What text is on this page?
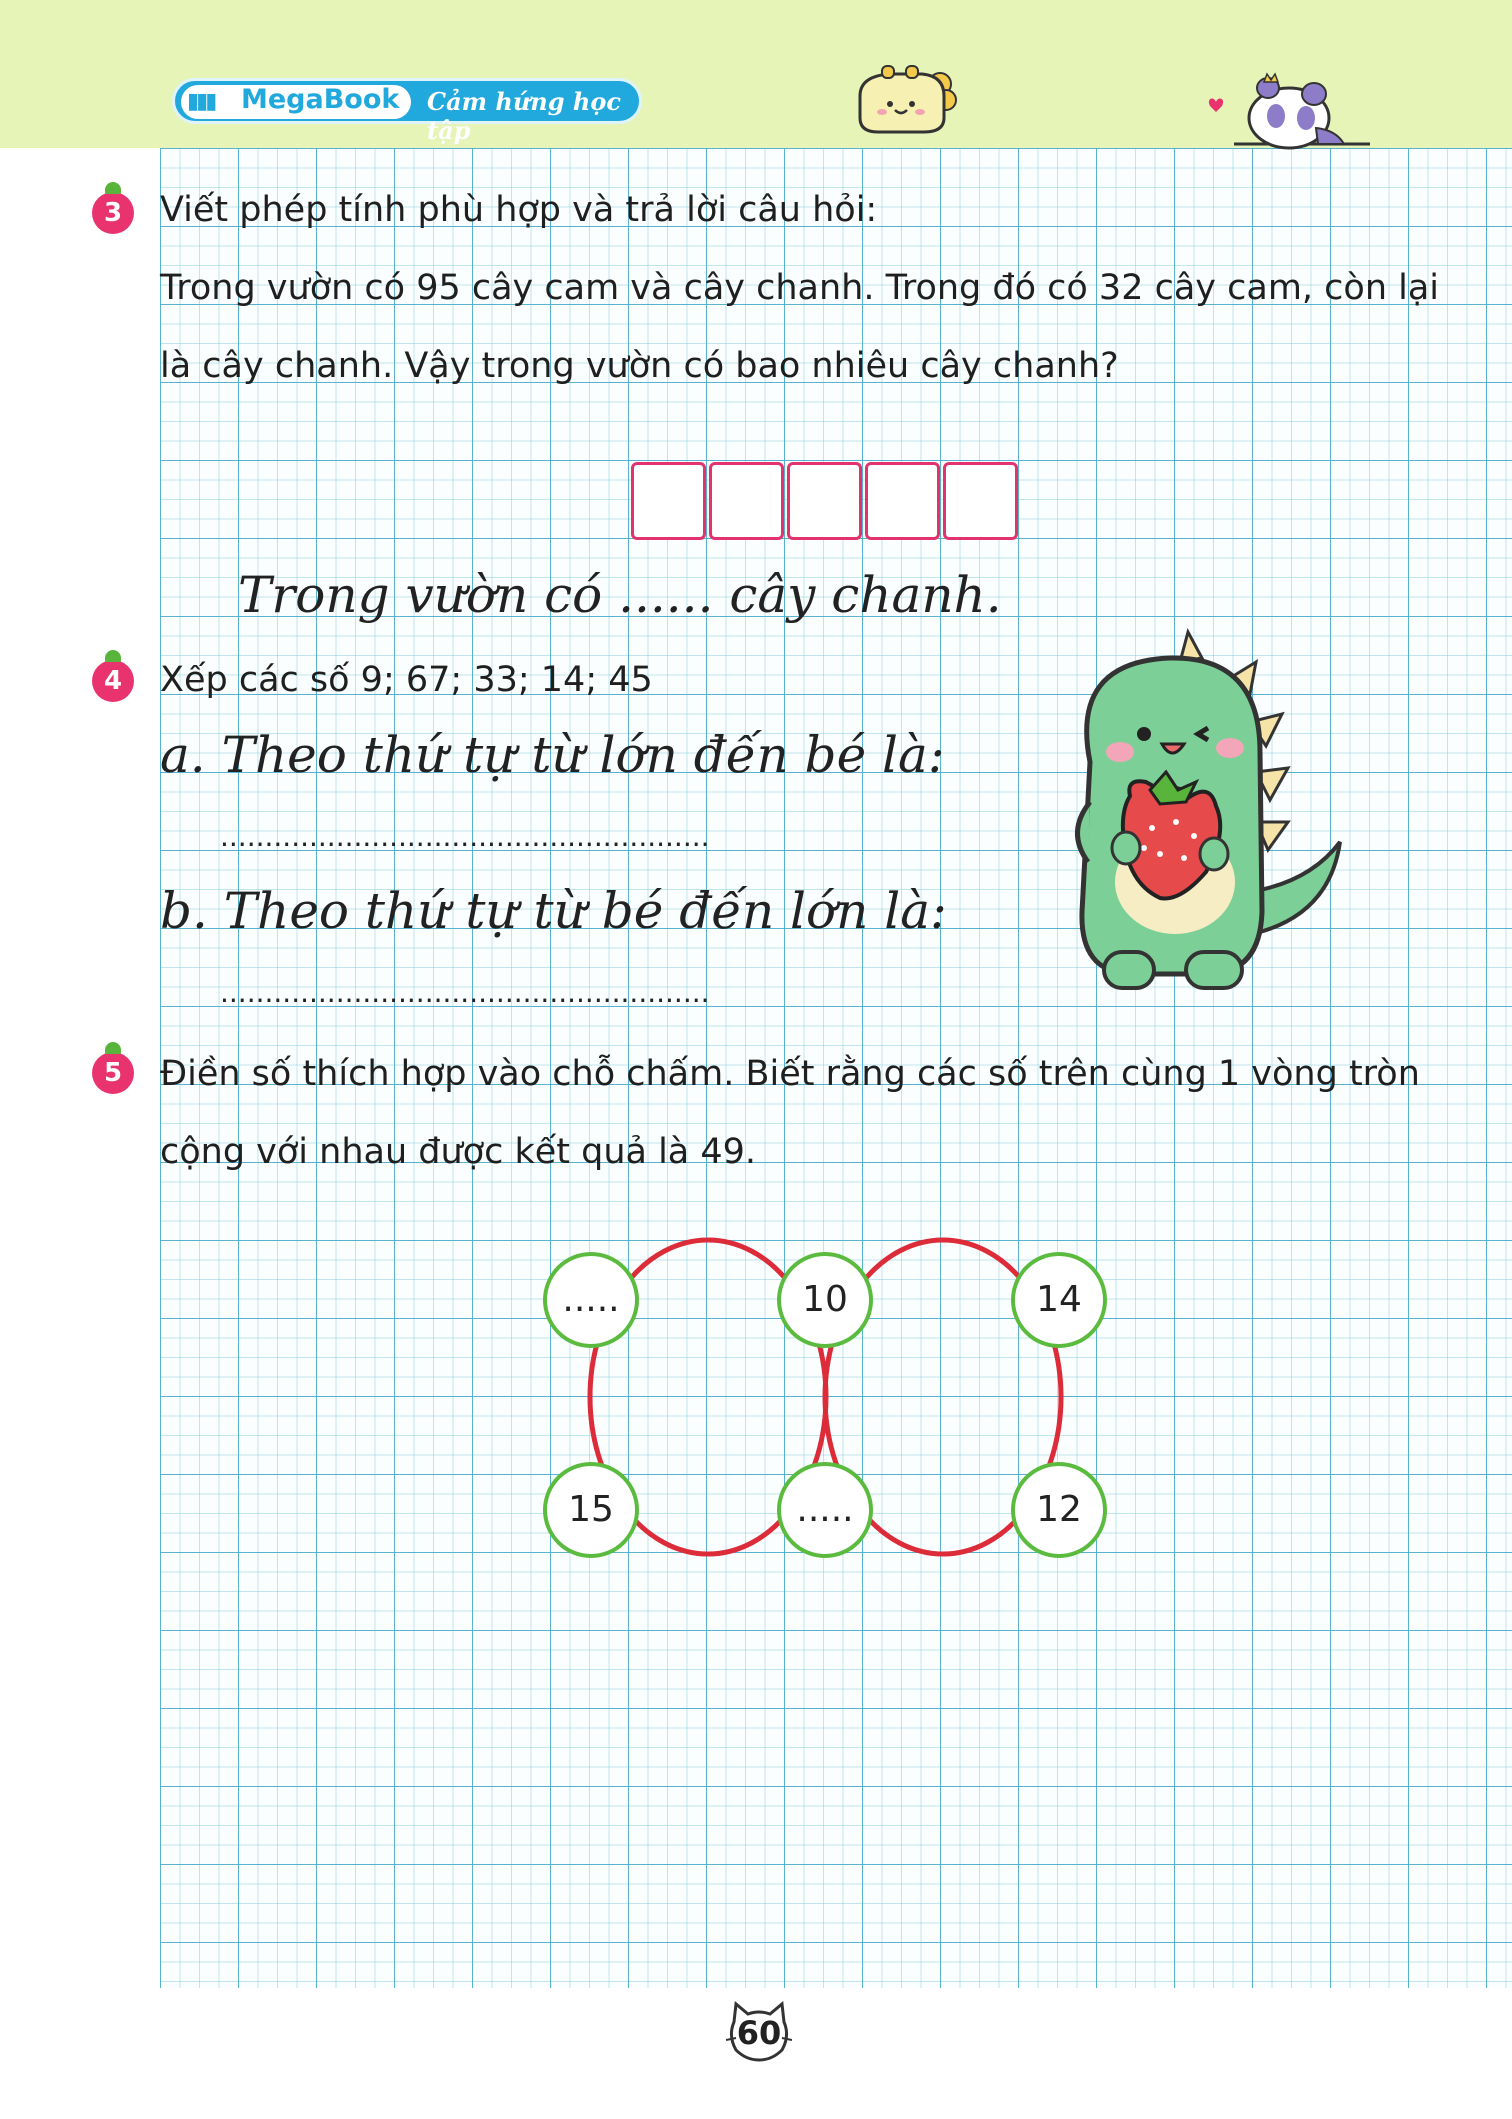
▮▮▮ MegaBook Cảm hứng học tập
3	Viết phép tính phù hợp và trả lời câu hỏi:
Trong vườn có 95 cây cam và cây chanh. Trong đó có 32 cây cam, còn lại
là cây chanh. Vậy trong vườn có bao nhiêu cây chanh?
Trong vườn có ...... cây chanh.
4	Xếp các số 9; 67; 33; 14; 45
a. Theo thứ tự từ lớn đến bé là:
.......................................................
b. Theo thứ tự từ bé đến lớn là:
.......................................................
5	Điền số thích hợp vào chỗ chấm. Biết rằng các số trên cùng 1 vòng tròn
cộng với nhau được kết quả là 49.
.....	10	14
15	.....	12
60
